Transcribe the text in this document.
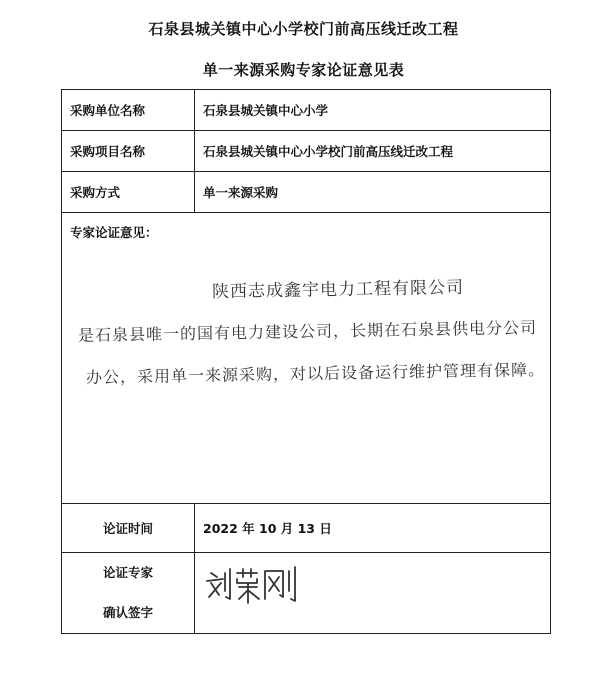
石泉县城关镇中心小学校门前高压线迁改工程
单一来源采购专家论证意见表
采购单位名称	石泉县城关镇中心小学
采购项目名称	石泉县城关镇中心小学校门前高压线迁改工程
采购方式	单一来源采购

专家论证意见：
陕西志成鑫宇电力工程有限公司
是石泉县唯一的国有电力建设公司，长期在石泉县供电分公司
办公，采用单一来源采购，对以后设备运行维护管理有保障。	

论证时间	2022 年 10 月 13 日

论证专家
确认签字
